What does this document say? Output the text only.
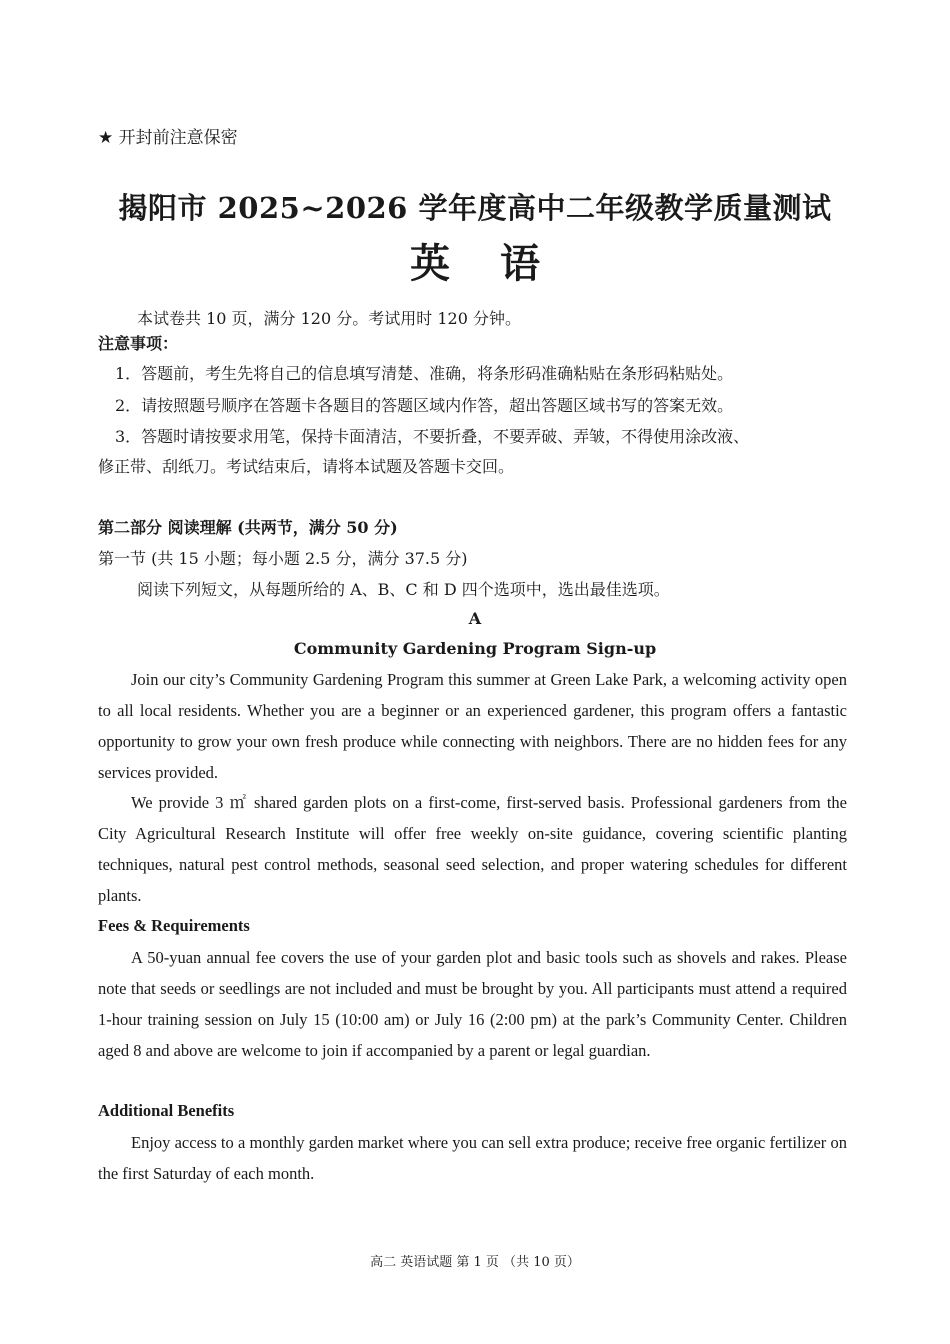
★ 开封前注意保密
揭阳市 2025~2026 学年度高中二年级教学质量测试
英语
本试卷共 10 页，满分 120 分。考试用时 120 分钟。
注意事项：
1．答题前，考生先将自己的信息填写清楚、准确，将条形码准确粘贴在条形码粘贴处。
2．请按照题号顺序在答题卡各题目的答题区域内作答，超出答题区域书写的答案无效。
3．答题时请按要求用笔，保持卡面清洁，不要折叠，不要弄破、弄皱，不得使用涂改液、
修正带、刮纸刀。考试结束后，请将本试题及答题卡交回。
第二部分 阅读理解 (共两节，满分 50 分)
第一节 (共 15 小题；每小题 2.5 分，满分 37.5 分)
阅读下列短文，从每题所给的 A、B、C 和 D 四个选项中，选出最佳选项。
A
Community Gardening Program Sign-up

Join our city’s Community Gardening Program this summer at Green Lake Park, a welcoming activity open to all local residents. Whether you are a beginner or an experienced gardener, this program offers a fantastic opportunity to grow your own fresh produce while connecting with neighbors. There are no hidden fees for any services provided.

We provide 3 ㎡ shared garden plots on a first-come, first-served basis. Professional gardeners from the City Agricultural Research Institute will offer free weekly on-site guidance, covering scientific planting techniques, natural pest control methods, seasonal seed selection, and proper watering schedules for different plants.

Fees & Requirements

A 50-yuan annual fee covers the use of your garden plot and basic tools such as shovels and rakes. Please note that seeds or seedlings are not included and must be brought by you. All participants must attend a required 1-hour training session on July 15 (10:00 am) or July 16 (2:00 pm) at the park’s Community Center. Children aged 8 and above are welcome to join if accompanied by a parent or legal guardian.

Additional Benefits

Enjoy access to a monthly garden market where you can sell extra produce; receive free organic fertilizer on the first Saturday of each month.

高二 英语试题 第 1 页 （共 10 页）
